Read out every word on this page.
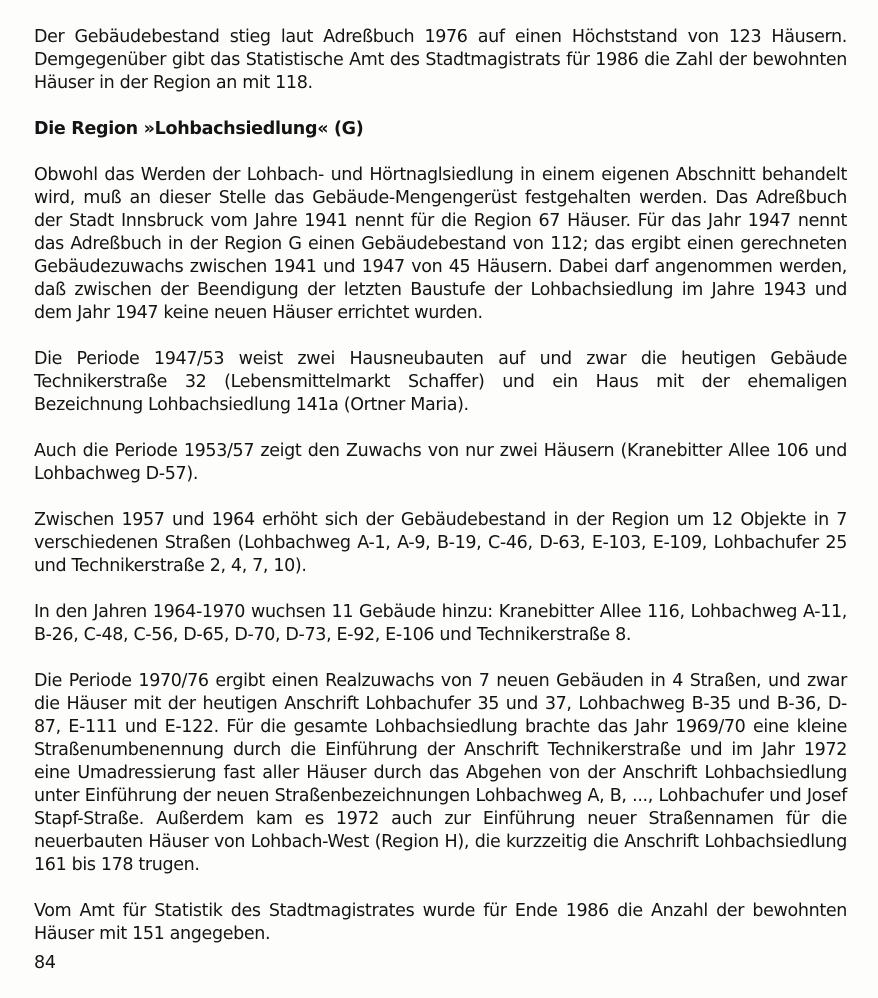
Der Gebäudebestand stieg laut Adreßbuch 1976 auf einen Höchststand von 123 Häusern. Demgegenüber gibt das Statistische Amt des Stadtmagistrats für 1986 die Zahl der bewohnten Häuser in der Region an mit 118.

Die Region »Lohbachsiedlung« (G)

Obwohl das Werden der Lohbach- und Hörtnaglsiedlung in einem eigenen Abschnitt behandelt wird, muß an dieser Stelle das Gebäude-Mengengerüst festgehalten werden. Das Adreßbuch der Stadt Innsbruck vom Jahre 1941 nennt für die Region 67 Häuser. Für das Jahr 1947 nennt das Adreßbuch in der Region G einen Gebäudebestand von 112; das ergibt einen gerechneten Gebäudezuwachs zwischen 1941 und 1947 von 45 Häusern. Dabei darf angenommen werden, daß zwischen der Beendigung der letzten Baustufe der Lohbachsiedlung im Jahre 1943 und dem Jahr 1947 keine neuen Häuser errichtet wurden.

Die Periode 1947/53 weist zwei Hausneubauten auf und zwar die heutigen Gebäude Technikerstraße 32 (Lebensmittelmarkt Schaffer) und ein Haus mit der ehemaligen Bezeichnung Lohbachsiedlung 141a (Ortner Maria).

Auch die Periode 1953/57 zeigt den Zuwachs von nur zwei Häusern (Kranebitter Allee 106 und Lohbachweg D-57).

Zwischen 1957 und 1964 erhöht sich der Gebäudebestand in der Region um 12 Objekte in 7 verschiedenen Straßen (Lohbachweg A-1, A-9, B-19, C-46, D-63, E-103, E-109, Lohbachufer 25 und Technikerstraße 2, 4, 7, 10).

In den Jahren 1964-1970 wuchsen 11 Gebäude hinzu: Kranebitter Allee 116, Lohbachweg A-11, B-26, C-48, C-56, D-65, D-70, D-73, E-92, E-106 und Technikerstraße 8.

Die Periode 1970/76 ergibt einen Realzuwachs von 7 neuen Gebäuden in 4 Straßen, und zwar die Häuser mit der heutigen Anschrift Lohbachufer 35 und 37, Lohbachweg B-35 und B-36, D-87, E-111 und E-122. Für die gesamte Lohbachsiedlung brachte das Jahr 1969/70 eine kleine Straßenumbenennung durch die Einführung der Anschrift Technikerstraße und im Jahr 1972 eine Umadressierung fast aller Häuser durch das Abgehen von der Anschrift Lohbachsiedlung unter Einführung der neuen Straßenbezeichnungen Lohbachweg A, B, ..., Lohbachufer und Josef Stapf-Straße. Außerdem kam es 1972 auch zur Einführung neuer Straßennamen für die neuerbauten Häuser von Lohbach-West (Region H), die kurzzeitig die Anschrift Lohbachsiedlung 161 bis 178 trugen.

Vom Amt für Statistik des Stadtmagistrates wurde für Ende 1986 die Anzahl der bewohnten Häuser mit 151 angegeben.

84
